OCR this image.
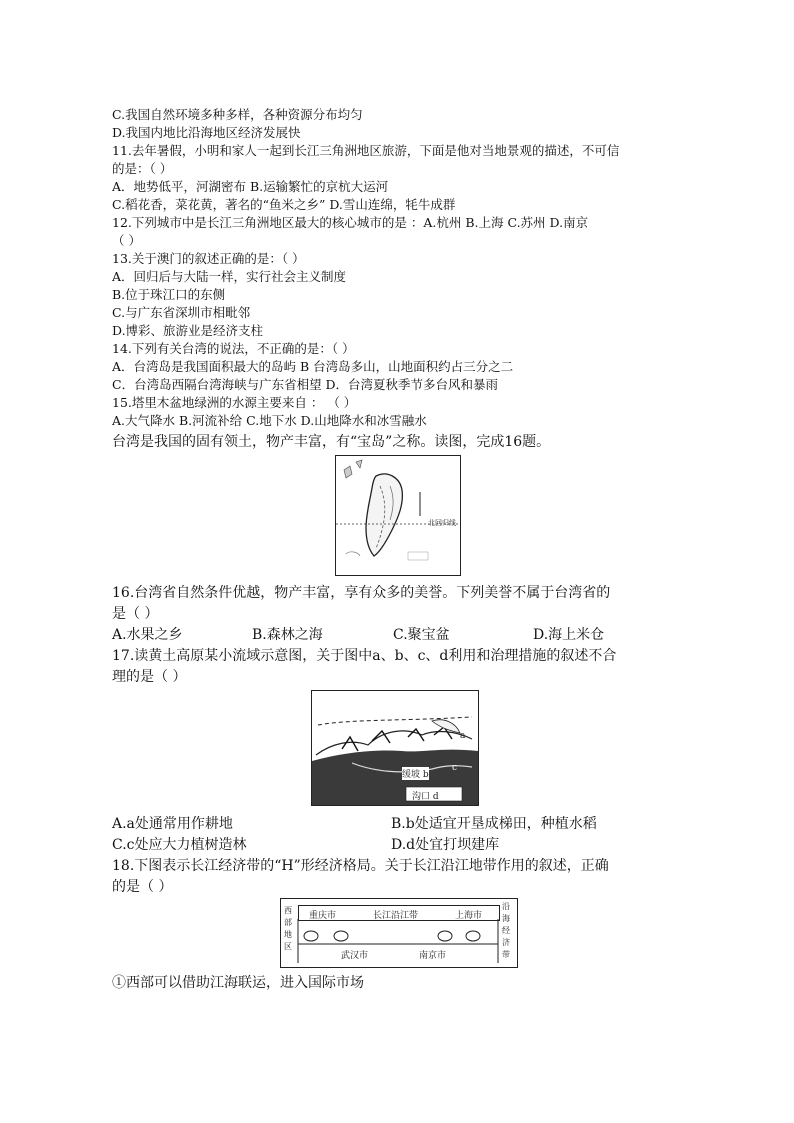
C.我国自然环境多种多样，各种资源分布均匀
D.我国内地比沿海地区经济发展快
11.去年暑假，小明和家人一起到长江三角洲地区旅游，下面是他对当地景观的描述，不可信
的是：（ ）
A．地势低平，河湖密布 B.运输繁忙的京杭大运河
C.稻花香，菜花黄，著名的“鱼米之乡” D.雪山连绵，牦牛成群
12.下列城市中是长江三角洲地区最大的核心城市的是 ：A.杭州 B.上海 C.苏州 D.南京
（ ）
13.关于澳门的叙述正确的是：（ ）
A．回归后与大陆一样，实行社会主义制度
B.位于珠江口的东侧
C.与广东省深圳市相毗邻
D.博彩、旅游业是经济支柱
14.下列有关台湾的说法，不正确的是：（ ）
A．台湾岛是我国面积最大的岛屿 B 台湾岛多山，山地面积约占三分之二
C．台湾岛西隔台湾海峡与广东省相望 D．台湾夏秋季节多台风和暴雨
15.塔里木盆地绿洲的水源主要来自 ： （ ）
A.大气降水 B.河流补给 C.地下水 D.山地降水和冰雪融水
台湾是我国的固有领土，物产丰富，有“宝岛”之称。读图，完成16题。
北回归线
16.台湾省自然条件优越，物产丰富，享有众多的美誉。下列美誉不属于台湾省的
是（ ）
A.水果之乡	B.森林之海	C.聚宝盆	D.海上米仓
17.读黄土高原某小流域示意图，关于图中a、b、c、d利用和治理措施的叙述不合
理的是（ ）
a
缓坡 b
c
沟口 d
A.a处通常用作耕地	B.b处适宜开垦成梯田，种植水稻
C.c处应大力植树造林	D.d处宜打坝建库
18.下图表示长江经济带的“H”形经济格局。关于长江沿江地带作用的叙述，正确
的是（ ）
西部地区
沿海经济带
重庆市	长江沿江带	上海市
武汉市	南京市
①西部可以借助江海联运，进入国际市场
